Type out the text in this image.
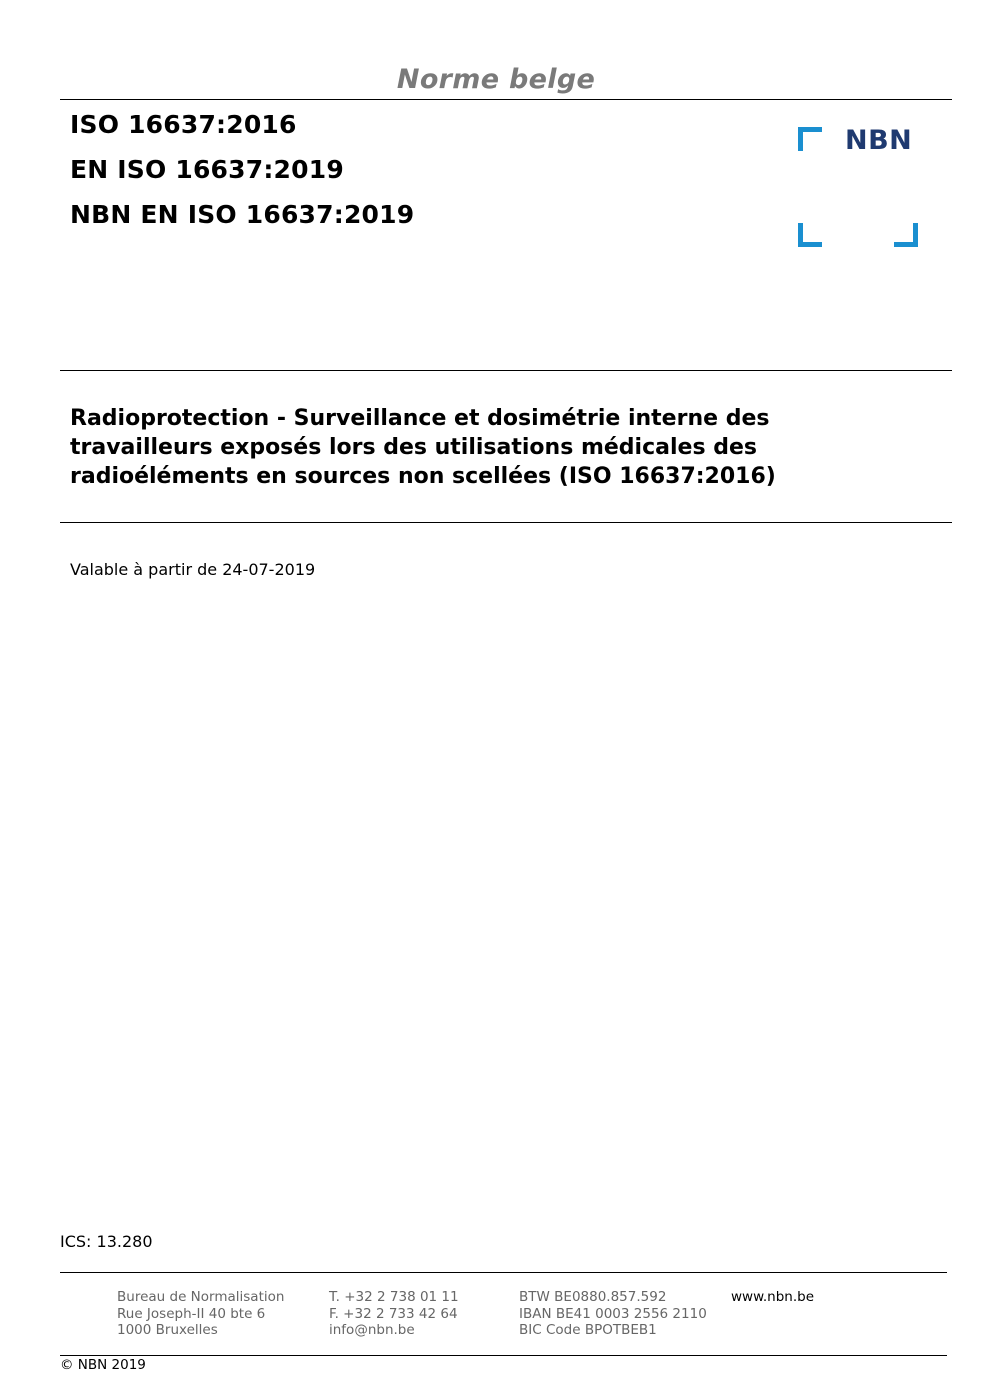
Norme belge
ISO 16637:2016
EN ISO 16637:2019
NBN EN ISO 16637:2019
NBN
Radioprotection - Surveillance et dosimétrie interne des
travailleurs exposés lors des utilisations médicales des
radioéléments en sources non scellées (ISO 16637:2016)
Valable à partir de 24-07-2019
ICS: 13.280
Bureau de Normalisation
Rue Joseph-II 40 bte 6
1000 Bruxelles
T. +32 2 738 01 11
F. +32 2 733 42 64
info@nbn.be
BTW BE0880.857.592
IBAN BE41 0003 2556 2110
BIC Code BPOTBEB1
www.nbn.be
© NBN 2019
